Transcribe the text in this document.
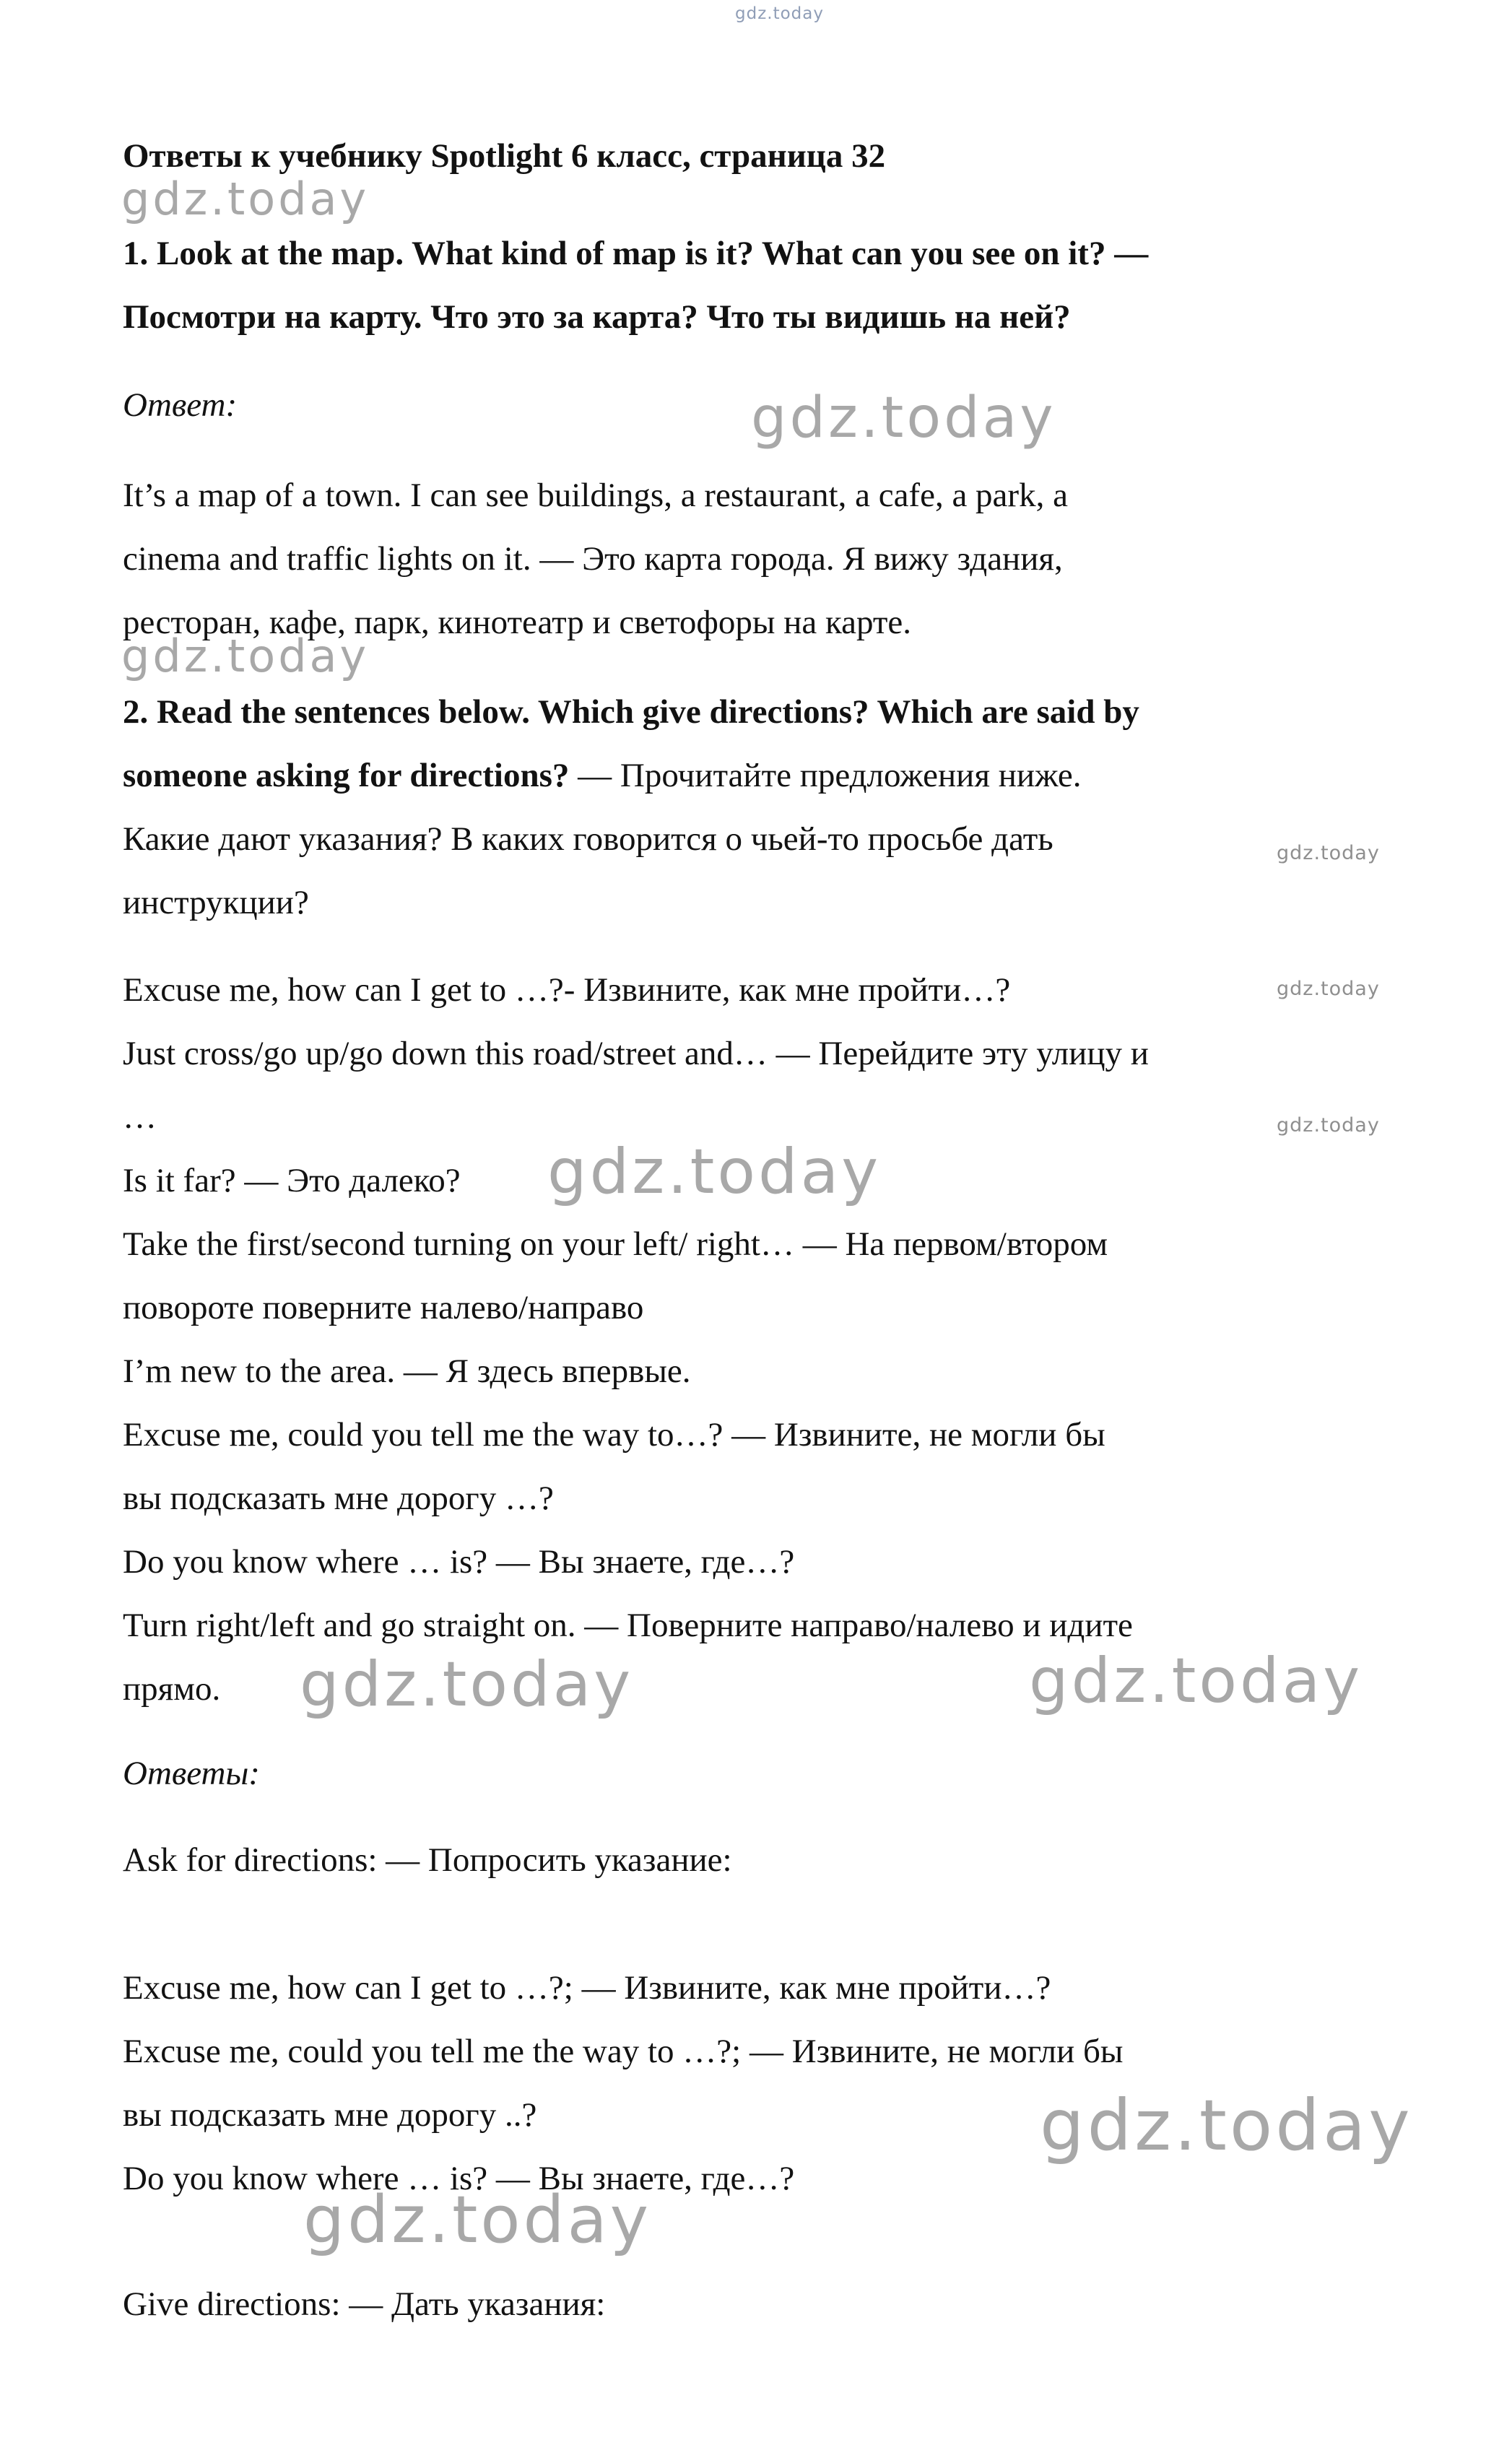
gdz.today
gdz.today
gdz.today
gdz.today
gdz.today
gdz.today
gdz.today
gdz.today
gdz.today	gdz.today
gdz.today
gdz.today
Ответы к учебнику Spotlight 6 класс, страница 32
1. Look at the map. What kind of map is it? What can you see on it? —
Посмотри на карту. Что это за карта? Что ты видишь на ней?
Ответ:
It’s a map of a town. I can see buildings, a restaurant, a cafe, a park, a
cinema and traffic lights on it. — Это карта города. Я вижу здания,
ресторан, кафе, парк, кинотеатр и светофоры на карте.
2. Read the sentences below. Which give directions? Which are said by
someone asking for directions? — Прочитайте предложения ниже.
Какие дают указания? В каких говорится о чьей-то просьбе дать
инструкции?
Excuse me, how can I get to …?- Извините, как мне пройти…?
Just cross/go up/go down this road/street and… — Перейдите эту улицу и
…
Is it far? — Это далеко?
Take the first/second turning on your left/ right… — На первом/втором
повороте поверните налево/направо
I’m new to the area. — Я здесь впервые.
Excuse me, could you tell me the way to…? — Извините, не могли бы
вы подсказать мне дорогу …?
Do you know where … is? — Вы знаете, где…?
Turn right/left and go straight on. — Поверните направо/налево и идите
прямо.
Ответы:
Ask for directions: — Попросить указание:
Excuse me, how can I get to …?; — Извините, как мне пройти…?
Excuse me, could you tell me the way to …?; — Извините, не могли бы
вы подсказать мне дорогу ..?
Do you know where … is? — Вы знаете, где…?
Give directions: — Дать указания:
